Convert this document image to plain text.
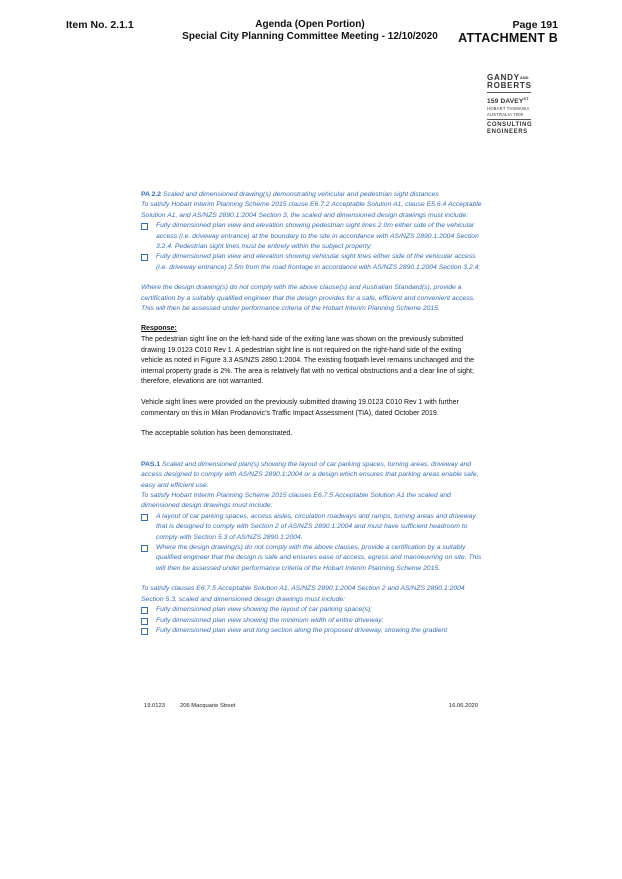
Item No. 2.1.1	Agenda (Open Portion)
Special City Planning Committee Meeting - 12/10/2020
Page 191
ATTACHMENT B
$GANDY^{AND}$
ROBERTS
159 $DAVEY^{ST}$
HOBART TASMANIA
AUSTRALIA 7000
CONSULTING
ENGINEERS
PA 2.2 Scaled and dimensioned drawing(s) demonstrating vehicular and pedestrian sight distances
To satisfy Hobart Interim Planning Scheme 2015 clause E6.7.2 Acceptable Solution A1, clause E5.6.4 Acceptable Solution A1, and AS/NZS 2890.1:2004 Section 3, the scaled and dimensioned design drawings must include:
Fully dimensioned plan view and elevation showing pedestrian sight lines 2.0m either side of the vehicular access (i.e. driveway entrance) at the boundary to the site in accordance with AS/NZS 2890.1:2004 Section 3.2.4. Pedestrian sight lines must be entirely within the subject property;
Fully dimensioned plan view and elevation showing vehicular sight lines either side of the vehicular access (i.e. driveway entrance) 2.5m from the road frontage in accordance with AS/NZS 2890.1:2004 Section 3.2.4;
Where the design drawing(s) do not comply with the above clause(s) and Australian Standard(s), provide a certification by a suitably qualified engineer that the design provides for a safe, efficient and convenient access. This will then be assessed under performance criteria of the Hobart Interim Planning Scheme 2015.
Response:

The pedestrian sight line on the left-hand side of the exiting lane was shown on the previously submitted drawing 19.0123 C010 Rev 1. A pedestrian sight line is not required on the right-hand side of the exiting vehicle as noted in Figure 3.3 AS/NZS 2890.1:2004. The existing footpath level remains unchanged and the internal property grade is 2%. The area is relatively flat with no vertical obstructions and a clear line of sight; therefore, elevations are not warranted.

Vehicle sight lines were provided on the previously submitted drawing 19.0123 C010 Rev 1 with further commentary on this in Milan Prodanovic’s Traffic Impact Assessment (TIA), dated October 2019.

The acceptable solution has been demonstrated.

PAS.1 Scaled and dimensioned plan(s) showing the layout of car parking spaces, turning areas, driveway and access designed to comply with AS/NZS 2890.1:2004 or a design which ensures that parking areas enable safe, easy and efficient use.
To satisfy Hobart Interim Planning Scheme 2015 clauses E6.7.5 Acceptable Solution A1 the scaled and dimensioned design drawings must include:
A layout of car parking spaces, access aisles, circulation roadways and ramps, turning areas and driveway that is designed to comply with Section 2 of AS/NZS 2890.1:2004 and must have sufficient headroom to comply with Section 5.3 of AS/NZS 2890.1:2004.
Where the design drawing(s) do not comply with the above clauses, provide a certification by a suitably qualified engineer that the design is safe and ensures ease of access, egress and manoeuvring on site. This will then be assessed under performance criteria of the Hobart Interim Planning Scheme 2015.
To satisfy clauses E6.7.5 Acceptable Solution A1, AS/NZS 2890.1:2004 Section 2 and AS/NZS 2890.1:2004 Section 5.3, scaled and dimensioned design drawings must include:
Fully dimensioned plan view showing the layout of car parking space(s);
Fully dimensioned plan view showing the minimum width of entire driveway;
Fully dimensioned plan view and long section along the proposed driveway, showing the gradient
19.0123	206 Macquarie Street	16.06.2020
